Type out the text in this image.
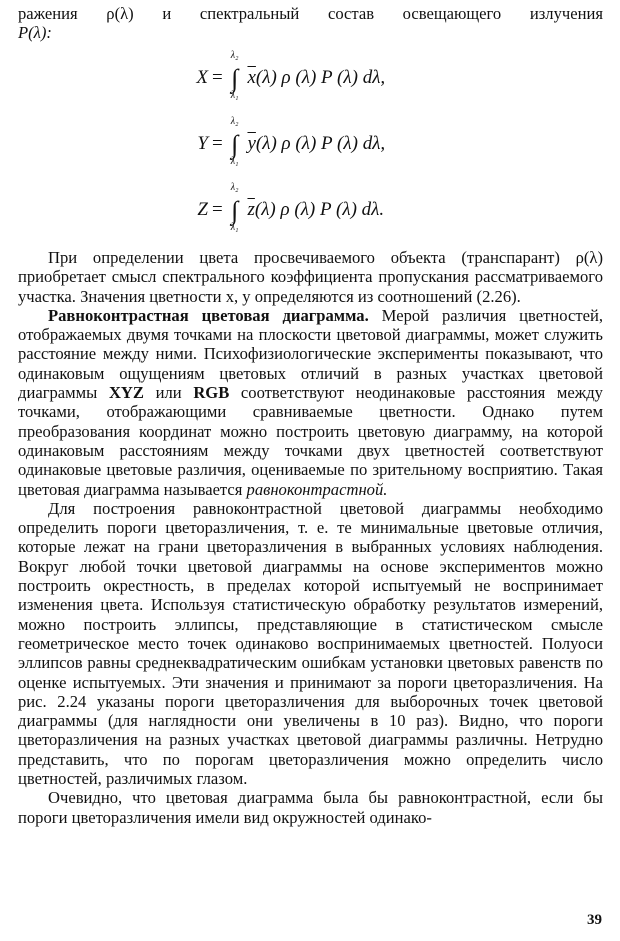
ражения ρ(λ) и спектральный состав освещающего излучения

P(λ):

X = ∫
λ₂
λ₁
$\overline{x}(\lambda)$ ρ (λ) P (λ) dλ,
Y = ∫
λ₂
λ₁
$\overline{y}(\lambda)$ ρ (λ) P (λ) dλ,
Z = ∫
λ₂
λ₁
$\overline{z}(\lambda)$ ρ (λ) P (λ) dλ.

При определении цвета просвечиваемого объекта (транспарант) ρ(λ) приобретает смысл спектрального коэффициента пропускания рассматриваемого участка. Значения цветности x, y определяются из соотношений (2.26).

Равноконтрастная цветовая диаграмма. Мерой различия цветностей, отображаемых двумя точками на плоскости цветовой диаграммы, может служить расстояние между ними. Психофизиологические эксперименты показывают, что одинаковым ощущениям цветовых отличий в разных участках цветовой диаграммы XYZ или RGB соответствуют неодинаковые расстояния между точками, отображающими сравниваемые цветности. Однако путем преобразования координат можно построить цветовую диаграмму, на которой одинаковым расстояниям между точками двух цветностей соответствуют одинаковые цветовые различия, оцениваемые по зрительному восприятию. Такая цветовая диаграмма называется равноконтрастной.

Для построения равноконтрастной цветовой диаграммы необходимо определить пороги цветоразличения, т. е. те минимальные цветовые отличия, которые лежат на грани цветоразличения в выбранных условиях наблюдения. Вокруг любой точки цветовой диаграммы на основе экспериментов можно построить окрестность, в пределах которой испытуемый не воспринимает изменения цвета. Используя статистическую обработку результатов измерений, можно построить эллипсы, представляющие в статистическом смысле геометрическое место точек одинаково воспринимаемых цветностей. Полуоси эллипсов равны среднеквадратическим ошибкам установки цветовых равенств по оценке испытуемых. Эти значения и принимают за пороги цветоразличения. На рис. 2.24 указаны пороги цветоразличения для выборочных точек цветовой диаграммы (для наглядности они увеличены в 10 раз). Видно, что пороги цветоразличения на разных участках цветовой диаграммы различны. Нетрудно представить, что по порогам цветоразличения можно определить число цветностей, различимых глазом.

Очевидно, что цветовая диаграмма была бы равноконтрастной, если бы пороги цветоразличения имели вид окружностей одинако-

39
